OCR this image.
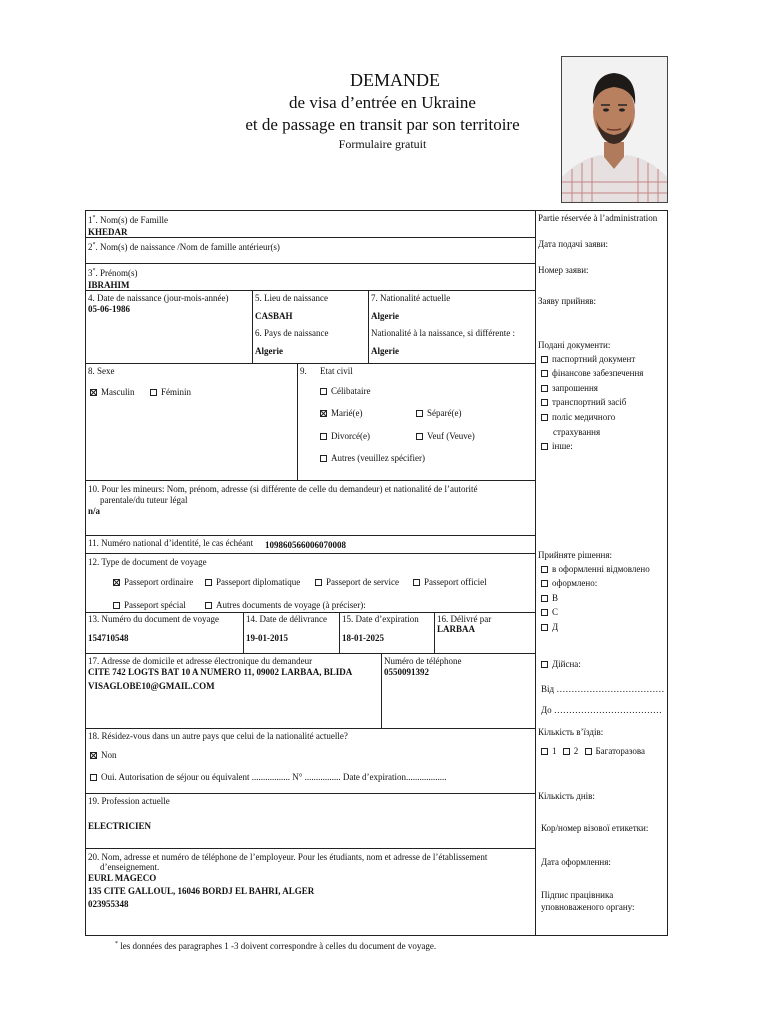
DEMANDE
de visa d’entrée en Ukraine
et de passage en transit par son territoire
Formulaire gratuit
1*. Nom(s) de Famille
KHEDAR
2*. Nom(s) de naissance /Nom de famille antérieur(s)
3*. Prénom(s)
IBRAHIM
4. Date de naissance (jour-mois-année)
05-06-1986
5. Lieu de naissance
CASBAH
6. Pays de naissance
Algerie
7. Nationalité actuelle
Algerie
Nationalité à la naissance, si différente :
Algerie
8. Sexe
Masculin	Féminin
9. Etat civil
Célibataire
Marié(e)	Séparé(e)
Divorcé(e)	Veuf (Veuve)
Autres (veuillez spécifier)
10. Pour les mineurs: Nom, prénom, adresse (si différente de celle du demandeur) et nationalité de l’autorité
parentale/du tuteur légal
n/a
11. Numéro national d’identité, le cas échéant 109860566006070008
12. Type de document de voyage
Passeport ordinaire	Passeport diplomatique	Passeport de service	Passeport officiel
Passeport spécial	Autres documents de voyage (à préciser):
13. Numéro du document de voyage
154710548
14. Date de délivrance
19-01-2015
15. Date d’expiration
18-01-2025
16. Délivré par
LARBAA
17. Adresse de domicile et adresse électronique du demandeur
CITE 742 LOGTS BAT 10 A NUMERO 11, 09002 LARBAA, BLIDA
VISAGLOBE10@GMAIL.COM
Numéro de téléphone
0550091392
18. Résidez-vous dans un autre pays que celui de la nationalité actuelle?
Non
Oui. Autorisation de séjour ou équivalent ................. N° ................ Date d’expiration..................
19. Profession actuelle
ELECTRICIEN
20. Nom, adresse et numéro de téléphone de l’employeur. Pour les étudiants, nom et adresse de l’établissement
d’enseignement.
EURL MAGECO
135 CITE GALLOUL, 16046 BORDJ EL BAHRI, ALGER
023955348
Partie réservée à l’administration
Дата подачі заяви:
Номер заяви:
Заяву прийняв:
Подані документи:
паспортний документ
фінансове забезпечення
запрошення
транспортний засіб
поліс медичного
страхування
інше:
Прийняте рішення:
в оформленні відмовлено
оформлено:
В
С
Д
Дійсна:
Від ………………………………
До ………………………………
Кількість в’їздів:
1 2 Багаторазова
Кількість днів:
Кор/номер візової етикетки:
Дата оформлення:
Підпис працівника
уповноваженого органу:
* les données des paragraphes 1 -3 doivent correspondre à celles du document de voyage.
